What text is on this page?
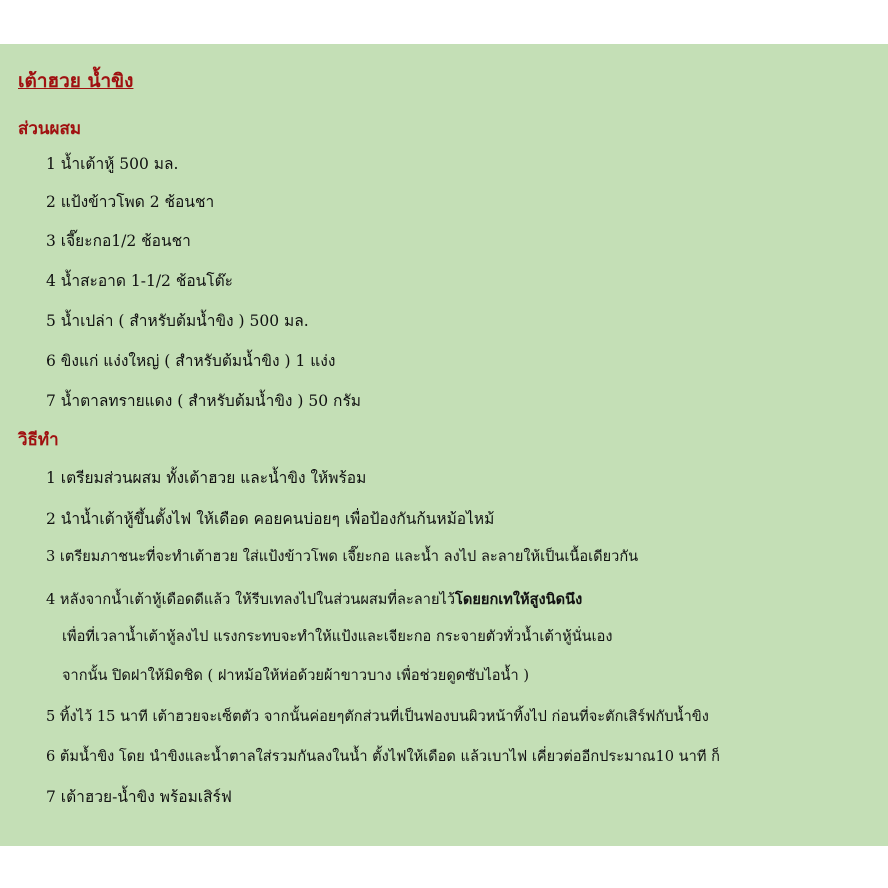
เต้าฮวย น้ำขิง
ส่วนผสม
1 น้ำเต้าหู้ 500 มล.
2 แป้งข้าวโพด 2 ช้อนชา
3 เจี๊ยะกอ1/2 ช้อนชา
4 น้ำสะอาด 1-1/2 ช้อนโต๊ะ
5 น้ำเปล่า ( สำหรับต้มน้ำขิง ) 500 มล.
6 ขิงแก่ แง่งใหญ่ ( สำหรับต้มน้ำขิง ) 1 แง่ง
7 น้ำตาลทรายแดง ( สำหรับต้มน้ำขิง ) 50 กรัม
วิธีทำ
1 เตรียมส่วนผสม ทั้งเต้าฮวย และน้ำขิง ให้พร้อม
2 นำน้ำเต้าหู้ขึ้นตั้งไฟ ให้เดือด คอยคนบ่อยๆ เพื่อป้องกันก้นหม้อไหม้
3 เตรียมภาชนะที่จะทำเต้าฮวย ใส่แป้งข้าวโพด เจี๊ยะกอ และน้ำ ลงไป ละลายให้เป็นเนื้อเดียวกัน
4 หลังจากน้ำเต้าหู้เดือดดีแล้ว ให้รีบเทลงไปในส่วนผสมที่ละลายไว้โดยยกเทให้สูงนิดนึง
เพื่อที่เวลาน้ำเต้าหู้ลงไป แรงกระทบจะทำให้แป้งและเจียะกอ กระจายตัวทั่วน้ำเต้าหู้นั่นเอง
จากนั้น ปิดฝาให้มิดชิด ( ฝาหม้อให้ห่อด้วยผ้าขาวบาง เพื่อช่วยดูดซับไอน้ำ )
5 ทิ้งไว้ 15 นาที เต้าฮวยจะเซ็ตตัว จากนั้นค่อยๆตักส่วนที่เป็นฟองบนผิวหน้าทิ้งไป ก่อนที่จะตักเสิร์ฟกับน้ำขิง
6 ต้มน้ำขิง โดย นำขิงและน้ำตาลใส่รวมกันลงในน้ำ ตั้งไฟให้เดือด แล้วเบาไฟ เคี่ยวต่ออีกประมาณ10 นาที ก็
7 เต้าฮวย-น้ำขิง พร้อมเสิร์ฟ
